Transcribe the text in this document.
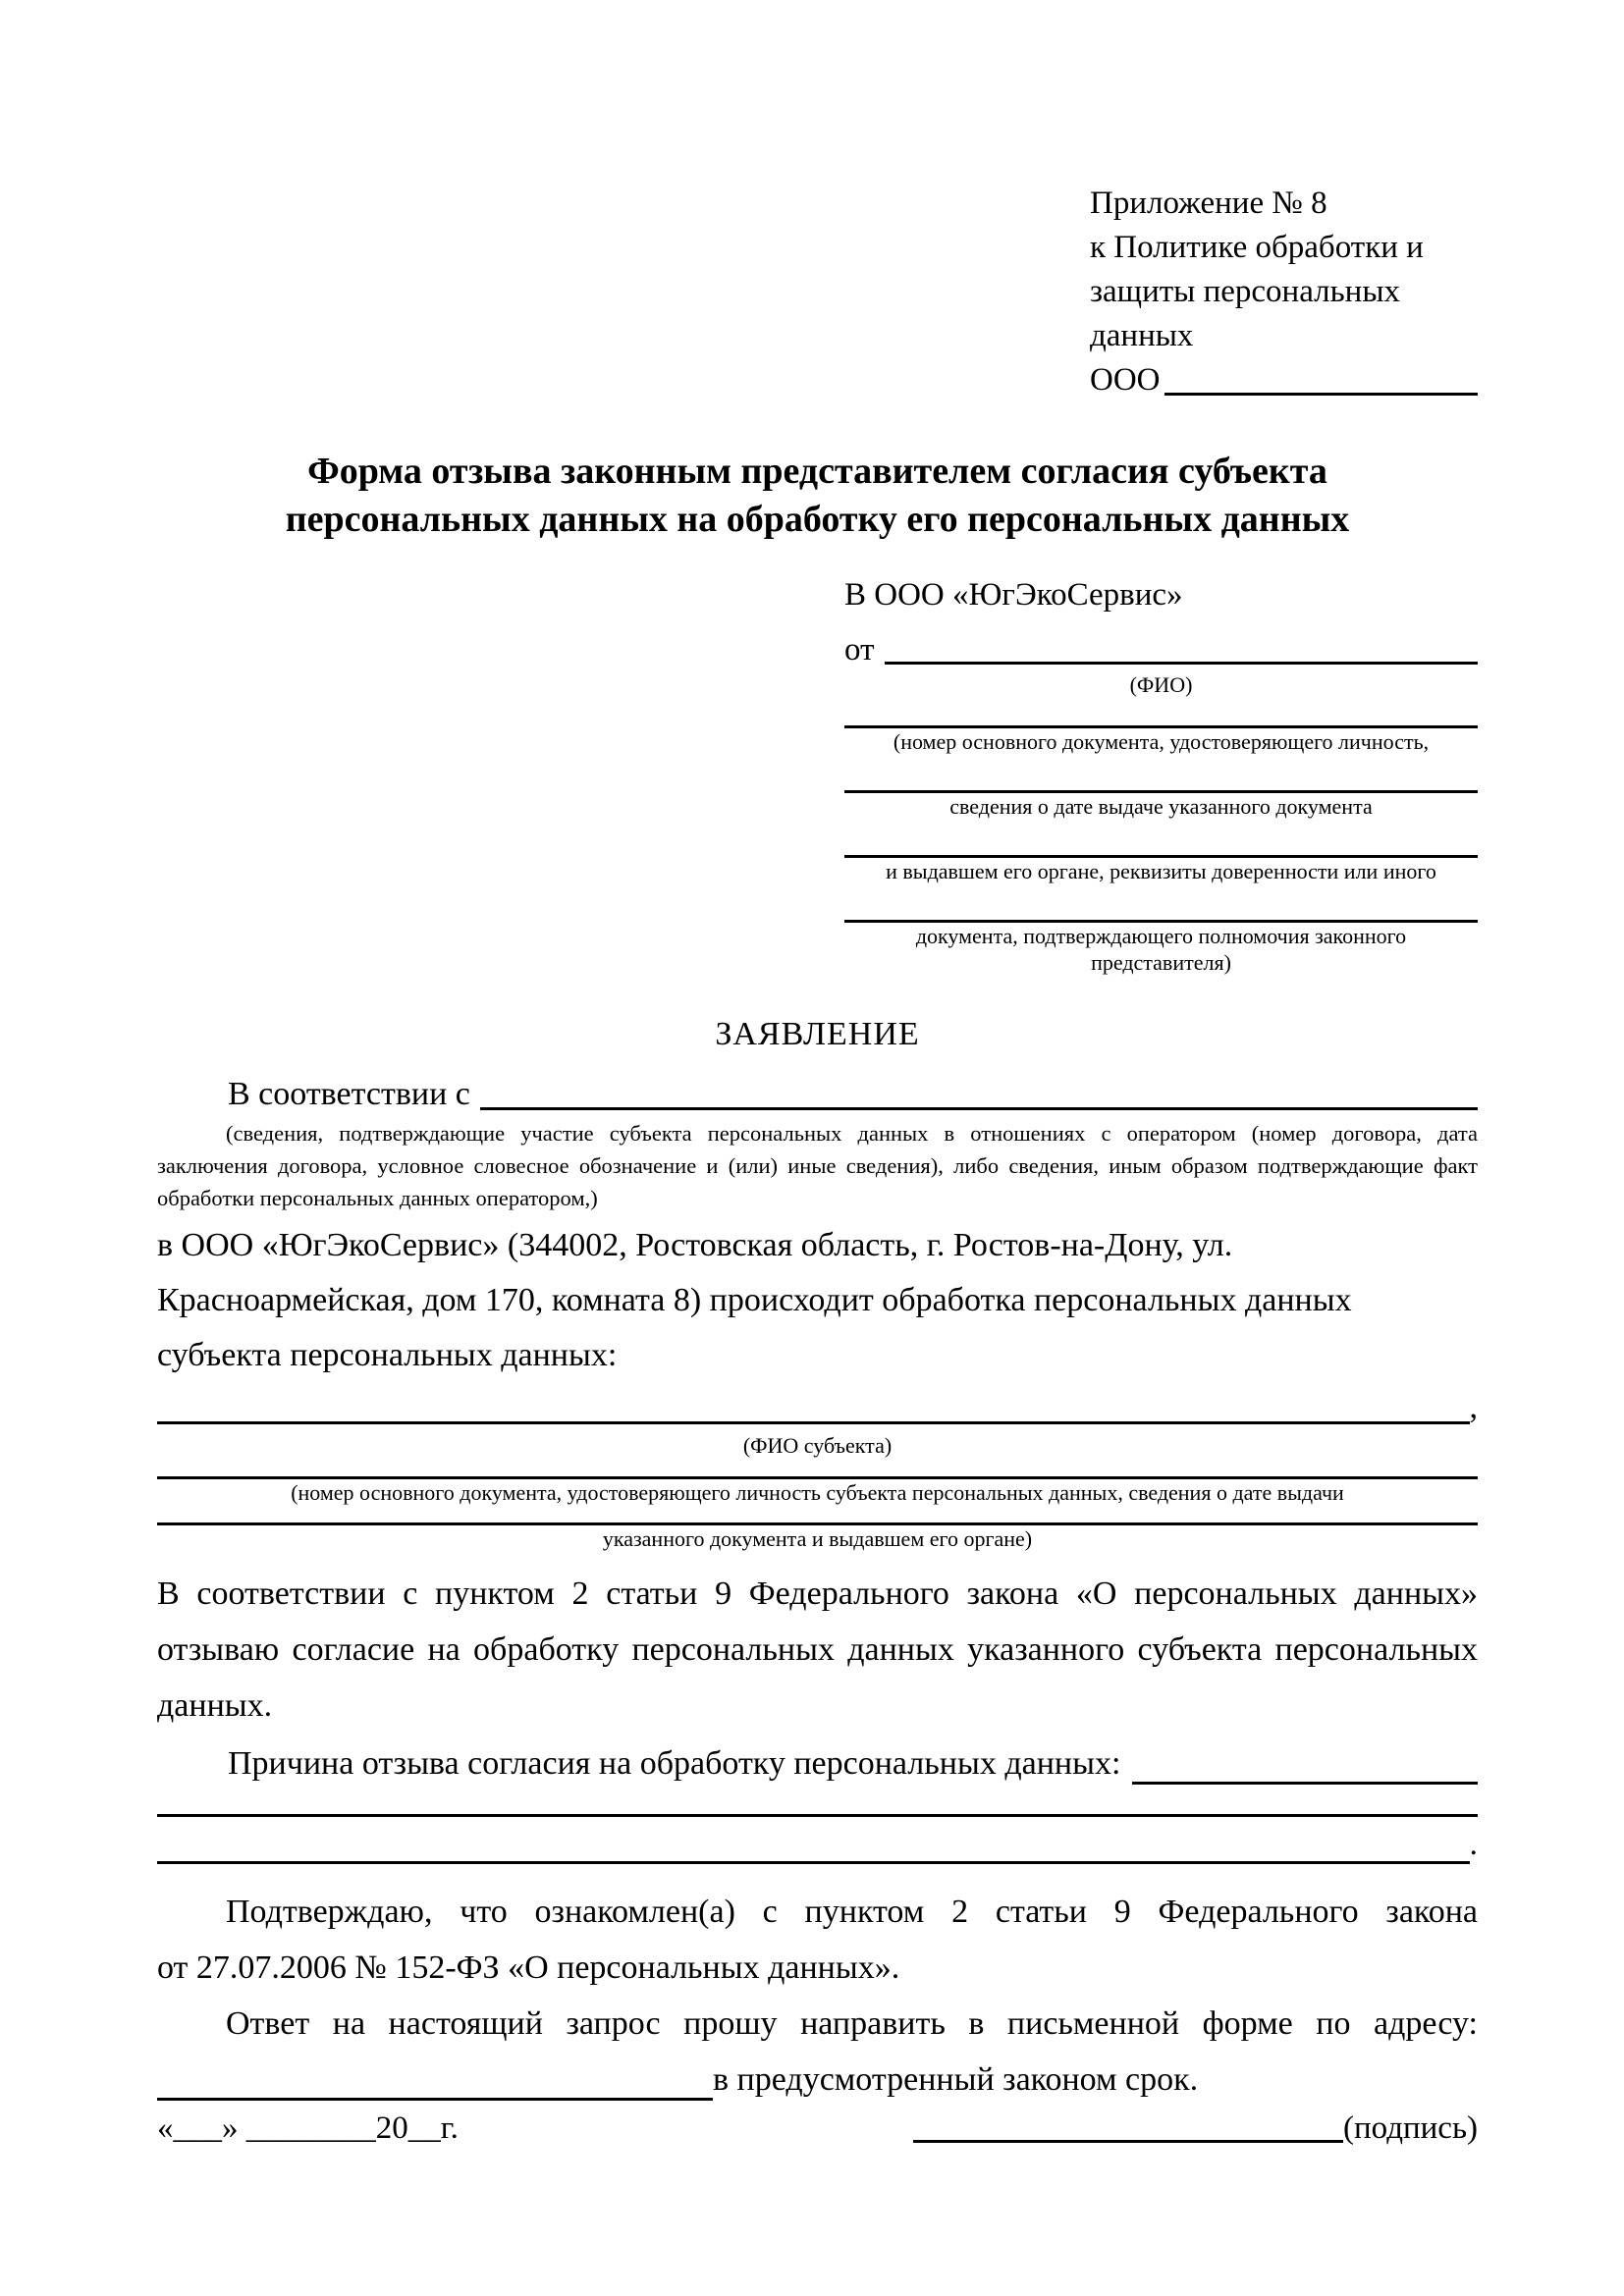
Приложение № 8
к Политике обработки и
защиты персональных данных
ООО
Форма отзыва законным представителем согласия субъекта
персональных данных на обработку его персональных данных
В ООО «ЮгЭкоСервис»
от
(ФИО)
(номер основного документа, удостоверяющего личность,
сведения о дате выдаче указанного документа
и выдавшем его органе, реквизиты доверенности или иного
документа, подтверждающего полномочия законного представителя)
ЗАЯВЛЕНИЕ
В соответствии с
(сведения, подтверждающие участие субъекта персональных данных в отношениях с оператором (номер договора, дата
заключения договора, условное словесное обозначение и (или) иные сведения), либо сведения, иным образом подтверждающие факт
обработки персональных данных оператором,)
в ООО «ЮгЭкоСервис» (344002, Ростовская область, г. Ростов-на-Дону, ул.
Красноармейская, дом 170, комната 8) происходит обработка персональных данных
субъекта персональных данных:
,
(ФИО субъекта)
(номер основного документа, удостоверяющего личность субъекта персональных данных, сведения о дате выдачи
указанного документа и выдавшем его органе)
В соответствии с пунктом 2 статьи 9 Федерального закона «О персональных данных»
отзываю согласие на обработку персональных данных указанного субъекта персональных
данных.
Причина отзыва согласия на обработку персональных данных:
.
Подтверждаю, что ознакомлен(а) с пунктом 2 статьи 9 Федерального закона
от 27.07.2006 № 152-ФЗ «О персональных данных».
Ответ на настоящий запрос прошу направить в письменной форме по адресу:
в предусмотренный законом срок.
«___» ________20__г.	(подпись)
